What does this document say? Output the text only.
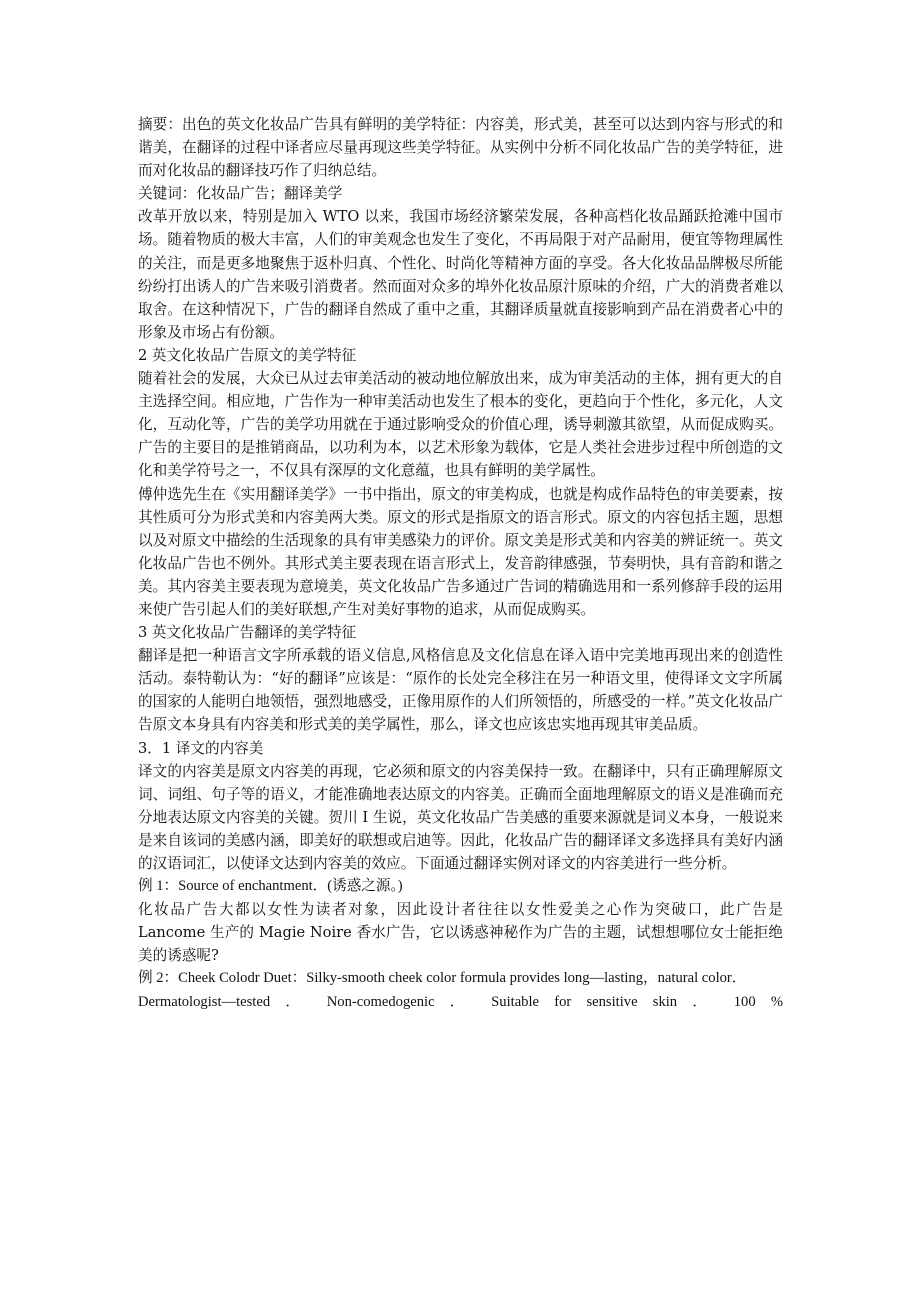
摘要：出色的英文化妆品广告具有鲜明的美学特征：内容美，形式美，甚至可以达到内容与形式的和谐美，在翻译的过程中译者应尽量再现这些美学特征。从实例中分析不同化妆品广告的美学特征，进而对化妆品的翻译技巧作了归纳总结。

关键词：化妆品广告；翻译美学

改革开放以来，特别是加入 WTO 以来，我国市场经济繁荣发展，各种高档化妆品踊跃抢滩中国市场。随着物质的极大丰富，人们的审美观念也发生了变化，不再局限于对产品耐用，便宜等物理属性的关注，而是更多地聚焦于返朴归真、个性化、时尚化等精神方面的享受。各大化妆品品牌极尽所能纷纷打出诱人的广告来吸引消费者。然而面对众多的埠外化妆品原汁原味的介绍，广大的消费者难以取舍。在这种情况下，广告的翻译自然成了重中之重，其翻译质量就直接影响到产品在消费者心中的形象及市场占有份额。

2 英文化妆品广告原文的美学特征

随着社会的发展，大众已从过去审美活动的被动地位解放出来，成为审美活动的主体，拥有更大的自主选择空间。相应地，广告作为一种审美活动也发生了根本的变化，更趋向于个性化，多元化，人文化，互动化等，广告的美学功用就在于通过影响受众的价值心理，诱导刺激其欲望，从而促成购买。广告的主要目的是推销商品，以功利为本，以艺术形象为载体，它是人类社会进步过程中所创造的文化和美学符号之一，不仅具有深厚的文化意蕴，也具有鲜明的美学属性。

傅仲选先生在《实用翻译美学》一书中指出，原文的审美构成，也就是构成作品特色的审美要素，按其性质可分为形式美和内容美两大类。原文的形式是指原文的语言形式。原文的内容包括主题，思想以及对原文中描绘的生活现象的具有审美感染力的评价。原文美是形式美和内容美的辨证统一。英文化妆品广告也不例外。其形式美主要表现在语言形式上，发音韵律感强，节奏明快，具有音韵和谐之美。其内容美主要表现为意境美，英文化妆品广告多通过广告词的精确选用和一系列修辞手段的运用来使广告引起人们的美好联想,产生对美好事物的追求，从而促成购买。

3 英文化妆品广告翻译的美学特征

翻译是把一种语言文字所承载的语义信息,风格信息及文化信息在译入语中完美地再现出来的创造性活动。泰特勒认为：“好的翻译”应该是：“原作的长处完全移注在另一种语文里，使得译文文字所属的国家的人能明白地领悟，强烈地感受，正像用原作的人们所领悟的，所感受的一样。”英文化妆品广告原文本身具有内容美和形式美的美学属性，那么，译文也应该忠实地再现其审美品质。

3．1 译文的内容美

译文的内容美是原文内容美的再现，它必须和原文的内容美保持一致。在翻译中，只有正确理解原文词、词组、句子等的语义，才能准确地表达原文的内容美。正确而全面地理解原文的语义是准确而充分地表达原文内容美的关键。贺川 I 生说，英文化妆品广告美感的重要来源就是词义本身，一般说来是来自该词的美感内涵，即美好的联想或启迪等。因此，化妆品广告的翻译译文多选择具有美好内涵的汉语词汇，以使译文达到内容美的效应。下面通过翻译实例对译文的内容美进行一些分析。

例 1：Source of enchantment．(诱惑之源。)

化妆品广告大都以女性为读者对象，因此设计者往往以女性爱美之心作为突破口，此广告是 Lancome 生产的 Magie Noire 香水广告，它以诱惑神秘作为广告的主题，试想想哪位女士能拒绝美的诱惑呢?

例 2：Cheek Colodr Duet：Silky-smooth cheek color formula provides long—lasting，natural color．

Dermatologist—tested ． Non-comedogenic ． Suitable for sensitive skin ． 100 %
